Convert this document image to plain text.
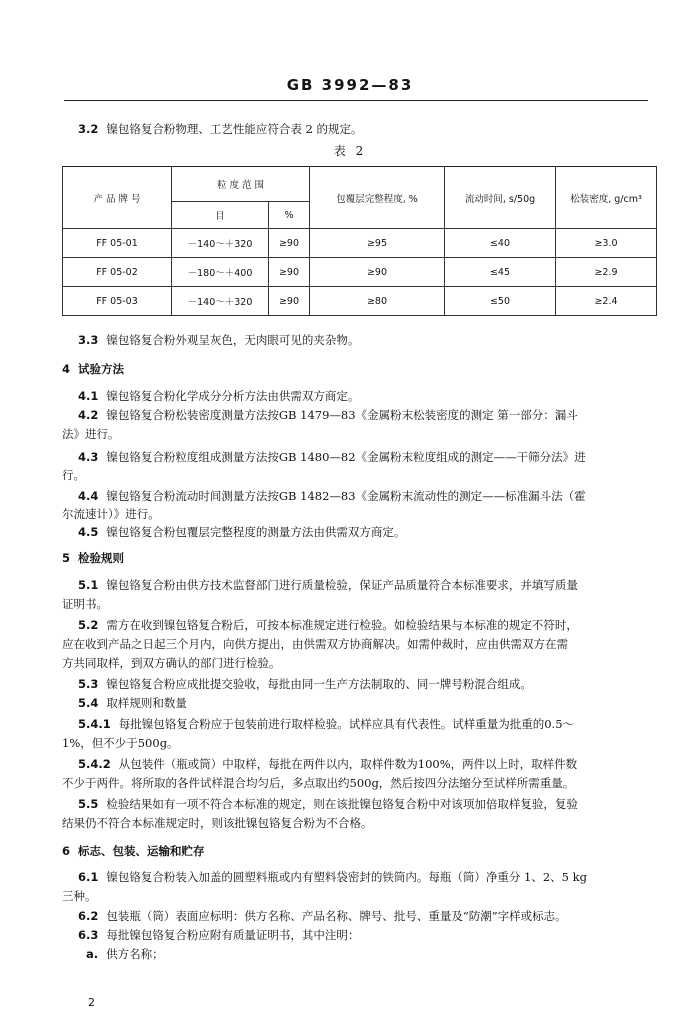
GB 3992—83
3.2 镍包铬复合粉物理、工艺性能应符合表 2 的规定。
表 2
产 品 牌 号	粒 度 范 围		包覆层完整程度, %	流动时间, s/50g	松装密度, g/cm³
	目	%			
FF 05-01	－140～＋320	≥90	≥95	≤40	≥3.0
FF 05-02	－180～＋400	≥90	≥90	≤45	≥2.9
FF 05-03	－140～＋320	≥90	≥80	≤50	≥2.4
3.3 镍包铬复合粉外观呈灰色，无肉眼可见的夹杂物。
4 试验方法
4.1 镍包铬复合粉化学成分分析方法由供需双方商定。
4.2 镍包铬复合粉松装密度测量方法按GB 1479—83《金属粉末松装密度的测定 第一部分：漏斗
法》进行。
4.3 镍包铬复合粉粒度组成测量方法按GB 1480—82《金属粉末粒度组成的测定——干筛分法》进
行。
4.4 镍包铬复合粉流动时间测量方法按GB 1482—83《金属粉末流动性的测定——标准漏斗法（霍
尔流速计）》进行。
4.5 镍包铬复合粉包覆层完整程度的测量方法由供需双方商定。
5 检验规则
5.1 镍包铬复合粉由供方技术监督部门进行质量检验，保证产品质量符合本标准要求，并填写质量
证明书。
5.2 需方在收到镍包铬复合粉后，可按本标准规定进行检验。如检验结果与本标准的规定不符时，
应在收到产品之日起三个月内，向供方提出，由供需双方协商解决。如需仲裁时，应由供需双方在需
方共同取样，到双方确认的部门进行检验。
5.3 镍包铬复合粉应成批提交验收，每批由同一生产方法制取的、同一牌号粉混合组成。
5.4 取样规则和数量
5.4.1 每批镍包铬复合粉应于包装前进行取样检验。试样应具有代表性。试样重量为批重的0.5～
1%，但不少于500g。
5.4.2 从包装件（瓶或筒）中取样，每批在两件以内，取样件数为100%，两件以上时，取样件数
不少于两件。将所取的各件试样混合均匀后，多点取出约500g，然后按四分法缩分至试样所需重量。
5.5 检验结果如有一项不符合本标准的规定，则在该批镍包铬复合粉中对该项加倍取样复验，复验
结果仍不符合本标准规定时，则该批镍包铬复合粉为不合格。
6 标志、包装、运输和贮存
6.1 镍包铬复合粉装入加盖的圆塑料瓶或内有塑料袋密封的铁筒内。每瓶（筒）净重分 1、2、5 kg
三种。
6.2 包装瓶（筒）表面应标明：供方名称、产品名称、牌号、批号、重量及“防潮”字样或标志。
6.3 每批镍包铬复合粉应附有质量证明书，其中注明：
a. 供方名称；
2
